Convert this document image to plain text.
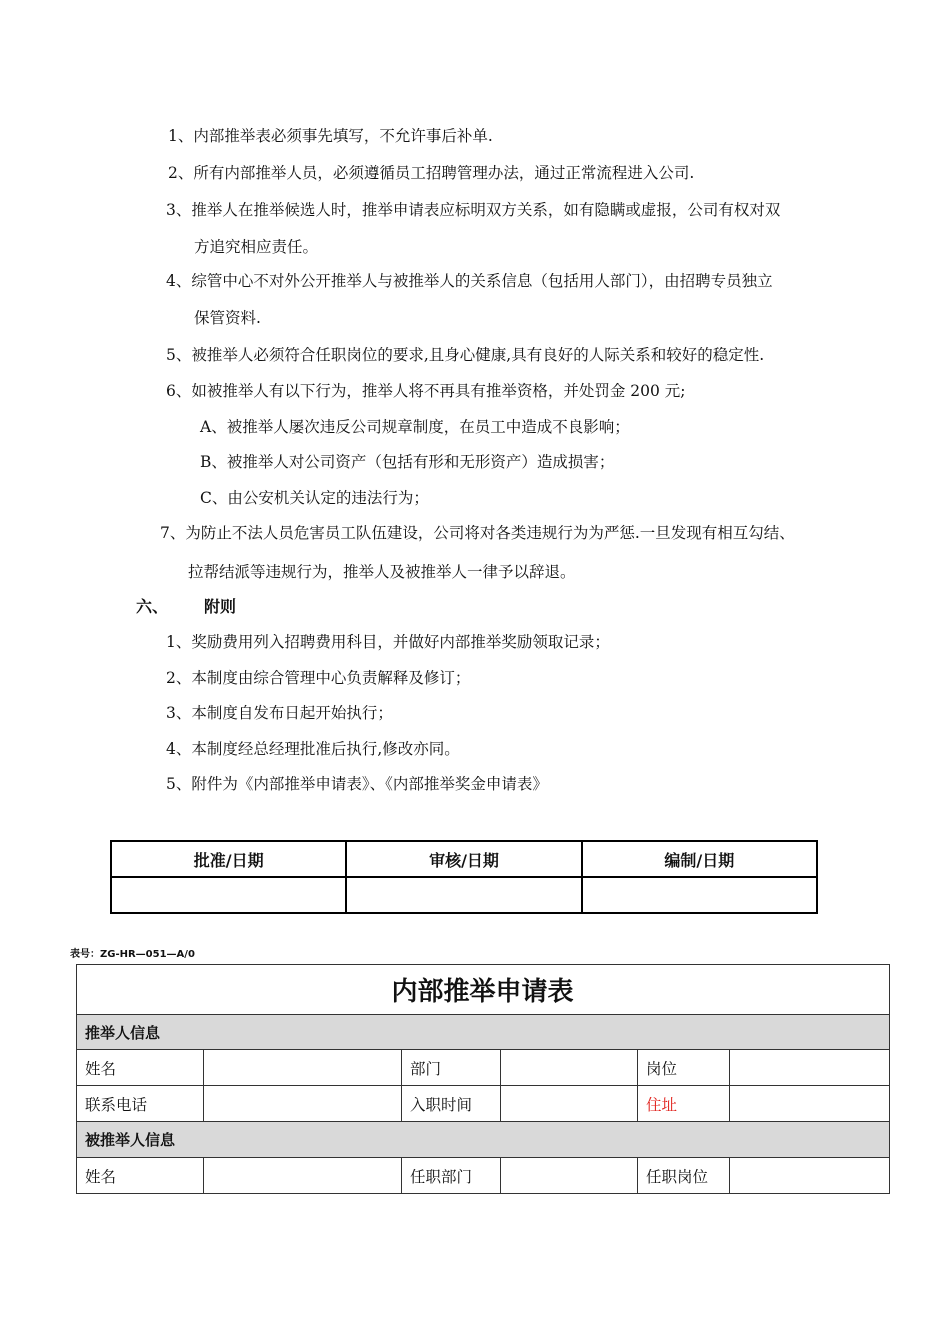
1、内部推举表必须事先填写，不允许事后补单.
2、所有内部推举人员，必须遵循员工招聘管理办法，通过正常流程进入公司.
3、推举人在推举候选人时，推举申请表应标明双方关系，如有隐瞒或虚报，公司有权对双
方追究相应责任。
4、综管中心不对外公开推举人与被推举人的关系信息（包括用人部门），由招聘专员独立
保管资料.
5、被推举人必须符合任职岗位的要求,且身心健康,具有良好的人际关系和较好的稳定性.
6、如被推举人有以下行为，推举人将不再具有推举资格，并处罚金 200 元;
A、被推举人屡次违反公司规章制度，在员工中造成不良影响；
B、被推举人对公司资产（包括有形和无形资产）造成损害；
C、由公安机关认定的违法行为；
7、为防止不法人员危害员工队伍建设，公司将对各类违规行为为严惩.一旦发现有相互勾结、
拉帮结派等违规行为，推举人及被推举人一律予以辞退。
六、 附则
1、奖励费用列入招聘费用科目，并做好内部推举奖励领取记录；
2、本制度由综合管理中心负责解释及修订；
3、本制度自发布日起开始执行；
4、本制度经总经理批准后执行,修改亦同。
5、附件为《内部推举申请表》、《内部推举奖金申请表》
批准/日期	审核/日期	编制/日期

表号：ZG-HR—051—A/0
内部推举申请表					
推举人信息					
姓名		部门		岗位	
联系电话		入职时间		住址	
被推举人信息					
姓名		任职部门		任职岗位	
